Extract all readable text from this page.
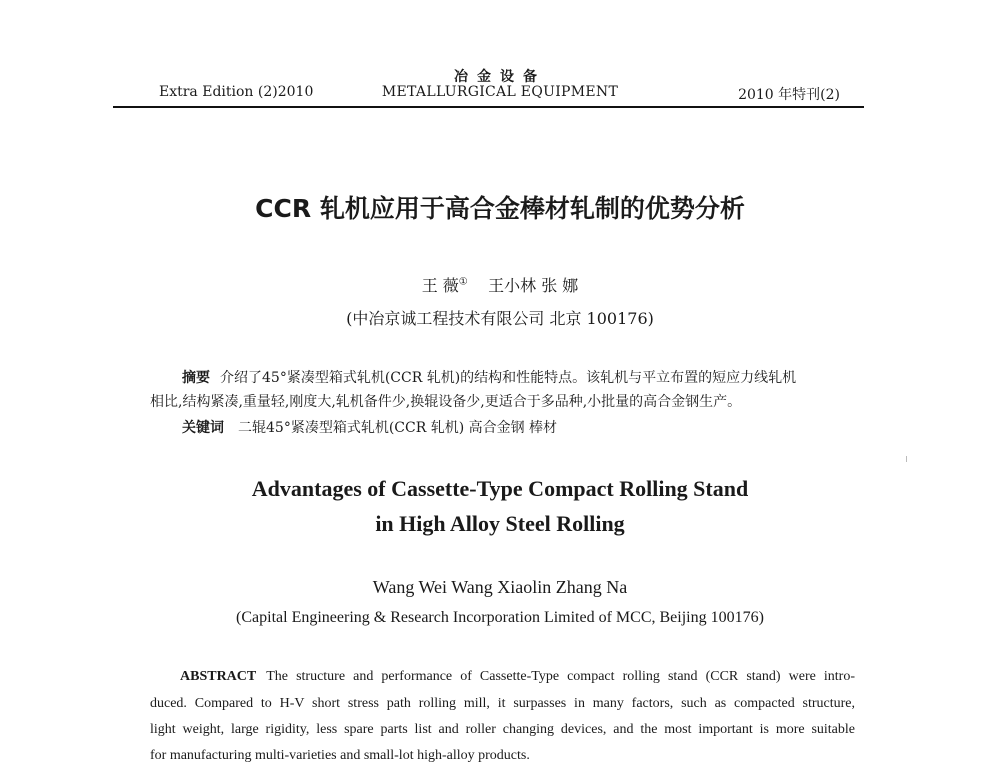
Extra Edition (2)2010
冶金设备
METALLURGICAL EQUIPMENT	2010 年特刊(2)
CCR 轧机应用于高合金棒材轧制的优势分析
王 薇① 王小林 张 娜
(中冶京诚工程技术有限公司 北京 100176)
摘要 介绍了45°紧凑型箱式轧机(CCR 轧机)的结构和性能特点。该轧机与平立布置的短应力线轧机
相比,结构紧凑,重量轻,刚度大,轧机备件少,换辊设备少,更适合于多品种,小批量的高合金钢生产。
关键词 二辊45°紧凑型箱式轧机(CCR 轧机) 高合金钢 棒材
Advantages of Cassette-Type Compact Rolling Stand
in High Alloy Steel Rolling
Wang Wei Wang Xiaolin Zhang Na
(Capital Engineering & Research Incorporation Limited of MCC, Beijing 100176)
ABSTRACT The structure and performance of Cassette-Type compact rolling stand (CCR stand) were intro-
duced. Compared to H-V short stress path rolling mill, it surpasses in many factors, such as compacted structure,
light weight, large rigidity, less spare parts list and roller changing devices, and the most important is more suitable
for manufacturing multi-varieties and small-lot high-alloy products.
